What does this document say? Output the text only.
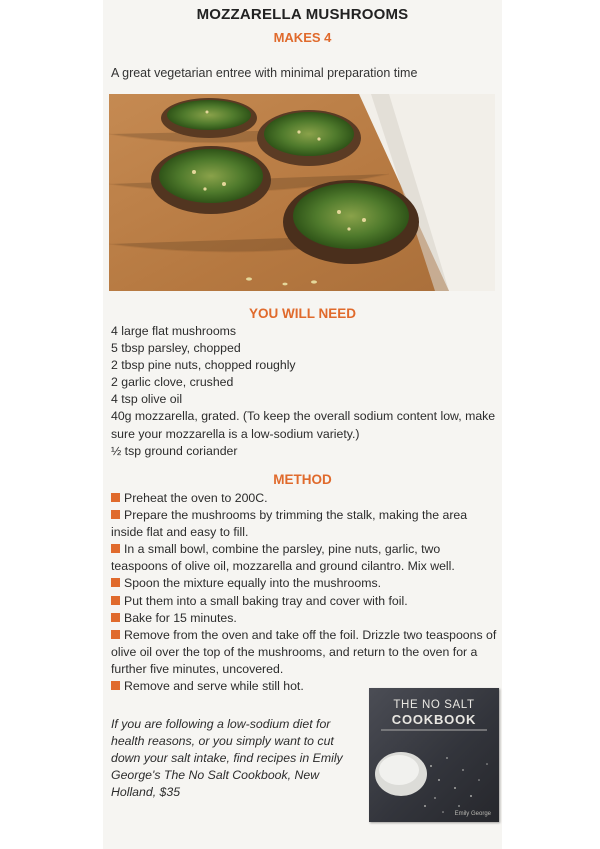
MOZZARELLA MUSHROOMS
MAKES 4
A great vegetarian entree with minimal preparation time
YOU WILL NEED
4 large flat mushrooms
5 tbsp parsley, chopped
2 tbsp pine nuts, chopped roughly
2 garlic clove, crushed
4 tsp olive oil
40g mozzarella, grated. (To keep the overall sodium content low, make sure your mozzarella is a low-sodium variety.)
½ tsp ground coriander
METHOD
Preheat the oven to 200C.
Prepare the mushrooms by trimming the stalk, making the area inside flat and easy to fill.
In a small bowl, combine the parsley, pine nuts, garlic, two teaspoons of olive oil, mozzarella and ground cilantro. Mix well.
Spoon the mixture equally into the mushrooms.
Put them into a small baking tray and cover with foil.
Bake for 15 minutes.
Remove from the oven and take off the foil. Drizzle two teaspoons of olive oil over the top of the mushrooms, and return to the oven for a further five minutes, uncovered.
Remove and serve while still hot.
If you are following a low-sodium diet for health reasons, or you simply want to cut down your salt intake, find recipes in Emily George's The No Salt Cookbook, New Holland, $35
THE NO SALT
COOKBOOK
Emily George
